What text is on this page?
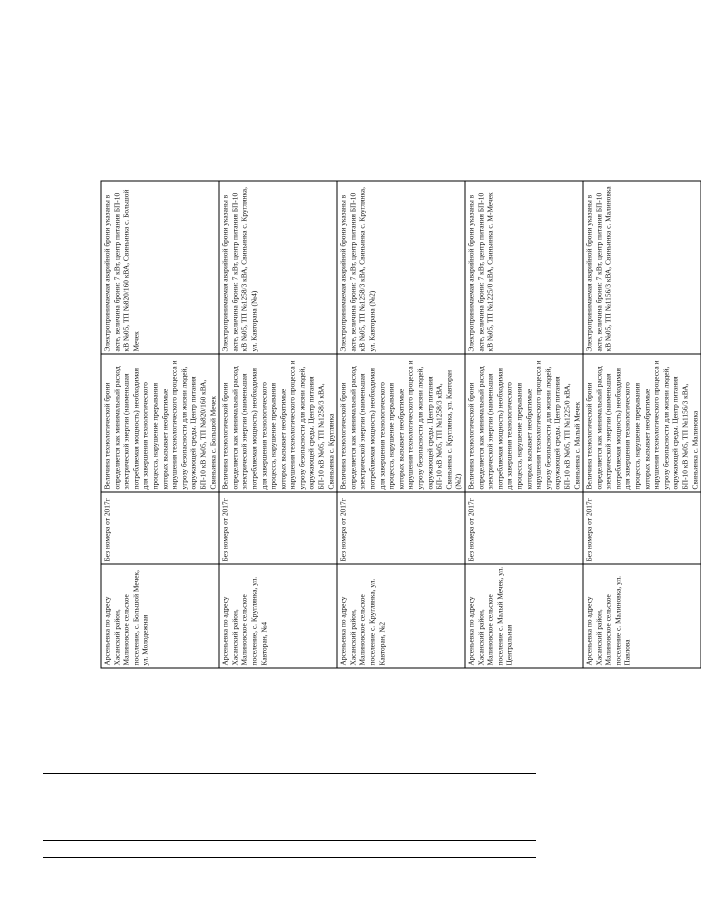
Арсеньевка по адресу Хасанский район, Малиновское сельское поселение, с. Большой Мечек, ул. Молодежная	Без номера от 2017г	Величина технологической брони определяется как минимальный расход электрической энергии (наименьшая потребляемая мощность) необходимая для завершения технологического процесса, нарушение прерывания которых вызывает необратимые нарушения технологического процесса и угрозу безопасности для жизни людей, окружающей среды. Центр питания БП-10 кВ №05, ТП №820/160 кВА, Свиньинка с. Большой Мечек	Электропринимаемая аварийной брони указаны в акте, величина брони: 7 кВт, центр питания БП-10 кВ №05, ТП №820/160 кВА, Свиньинка с. Большой Мечек
Арсеньевка по адресу Хасанский район, Малиновское сельское поселение, с. Круглянка, ул. Кавторан, №4	Без номера от 2017г	Величина технологической брони определяется как минимальный расход электрической энергии (наименьшая потребляемая мощность) необходимая для завершения технологического процесса, нарушение прерывания которых вызывает необратимые нарушения технологического процесса и угрозу безопасности для жизни людей, окружающей среды. Центр питания БП-10 кВ №05, ТП №1258/3 кВА, Свиньинка с. Круглянка	Электропринимаемая аварийной брони указаны в акте, величина брони: 7 кВт, центр питания БП-10 кВ №05, ТП №1258/3 кВА, Свиньинка с. Круглянка, ул. Кавторана (№4)
Арсеньевка по адресу Хасанский район, Малиновское сельское поселение с. Круглянка, ул. Кавторан, №2	Без номера от 2017г	Величина технологической брони определяется как минимальный расход электрической энергии (наименьшая потребляемая мощность) необходимая для завершения технологического процесса, нарушение прерывания которых вызывает необратимые нарушения технологического процесса и угрозу безопасности для жизни людей, окружающей среды. Центр питания БП-10 кВ №05, ТП №1258/3 кВА, Свиньинка с. Круглянка, ул. Кавторан (№2)	Электропринимаемая аварийной брони указаны в акте, величина брони: 7 кВт, центр питания БП-10 кВ №05, ТП №1258/3 кВА, Свиньинка с. Круглянка, ул. Кавторана (№2)
Арсеньевка по адресу Хасанский район, Малиновское сельское поселение с. Малый Мечек, ул. Центральная	Без номера от 2017г	Величина технологической брони определяется как минимальный расход электрической энергии (наименьшая потребляемая мощность) необходимая для завершения технологического процесса, нарушение прерывания которых вызывает необратимые нарушения технологического процесса и угрозу безопасности для жизни людей, окружающей среды. Центр питания БП-10 кВ №05, ТП №1225/0 кВА, Свиньинка с. Малый Мечек	Электропринимаемая аварийной брони указаны в акте, величина брони: 7 кВт, центр питания БП-10 кВ №05, ТП №1225/0 кВА, Свиньинка с. М-Мечек
Арсеньевка по адресу Хасанский район, Малиновское сельское поселение с. Малиновка, ул. Павлова	Без номера от 2017г	Величина технологической брони определяется как минимальный расход электрической энергии (наименьшая потребляемая мощность) необходимая для завершения технологического процесса, нарушение прерывания которых вызывает необратимые нарушения технологического процесса и угрозу безопасности для жизни людей, окружающей среды. Центр питания БП-10 кВ №05, ТП №1156/3 кВА, Свиньинка с. Малиновка	Электропринимаемая аварийной брони указаны в акте, величина брони: 7 кВт, центр питания БП-10 кВ №05, ТП №1156/3 кВА, Свиньинка с. Малиновка
